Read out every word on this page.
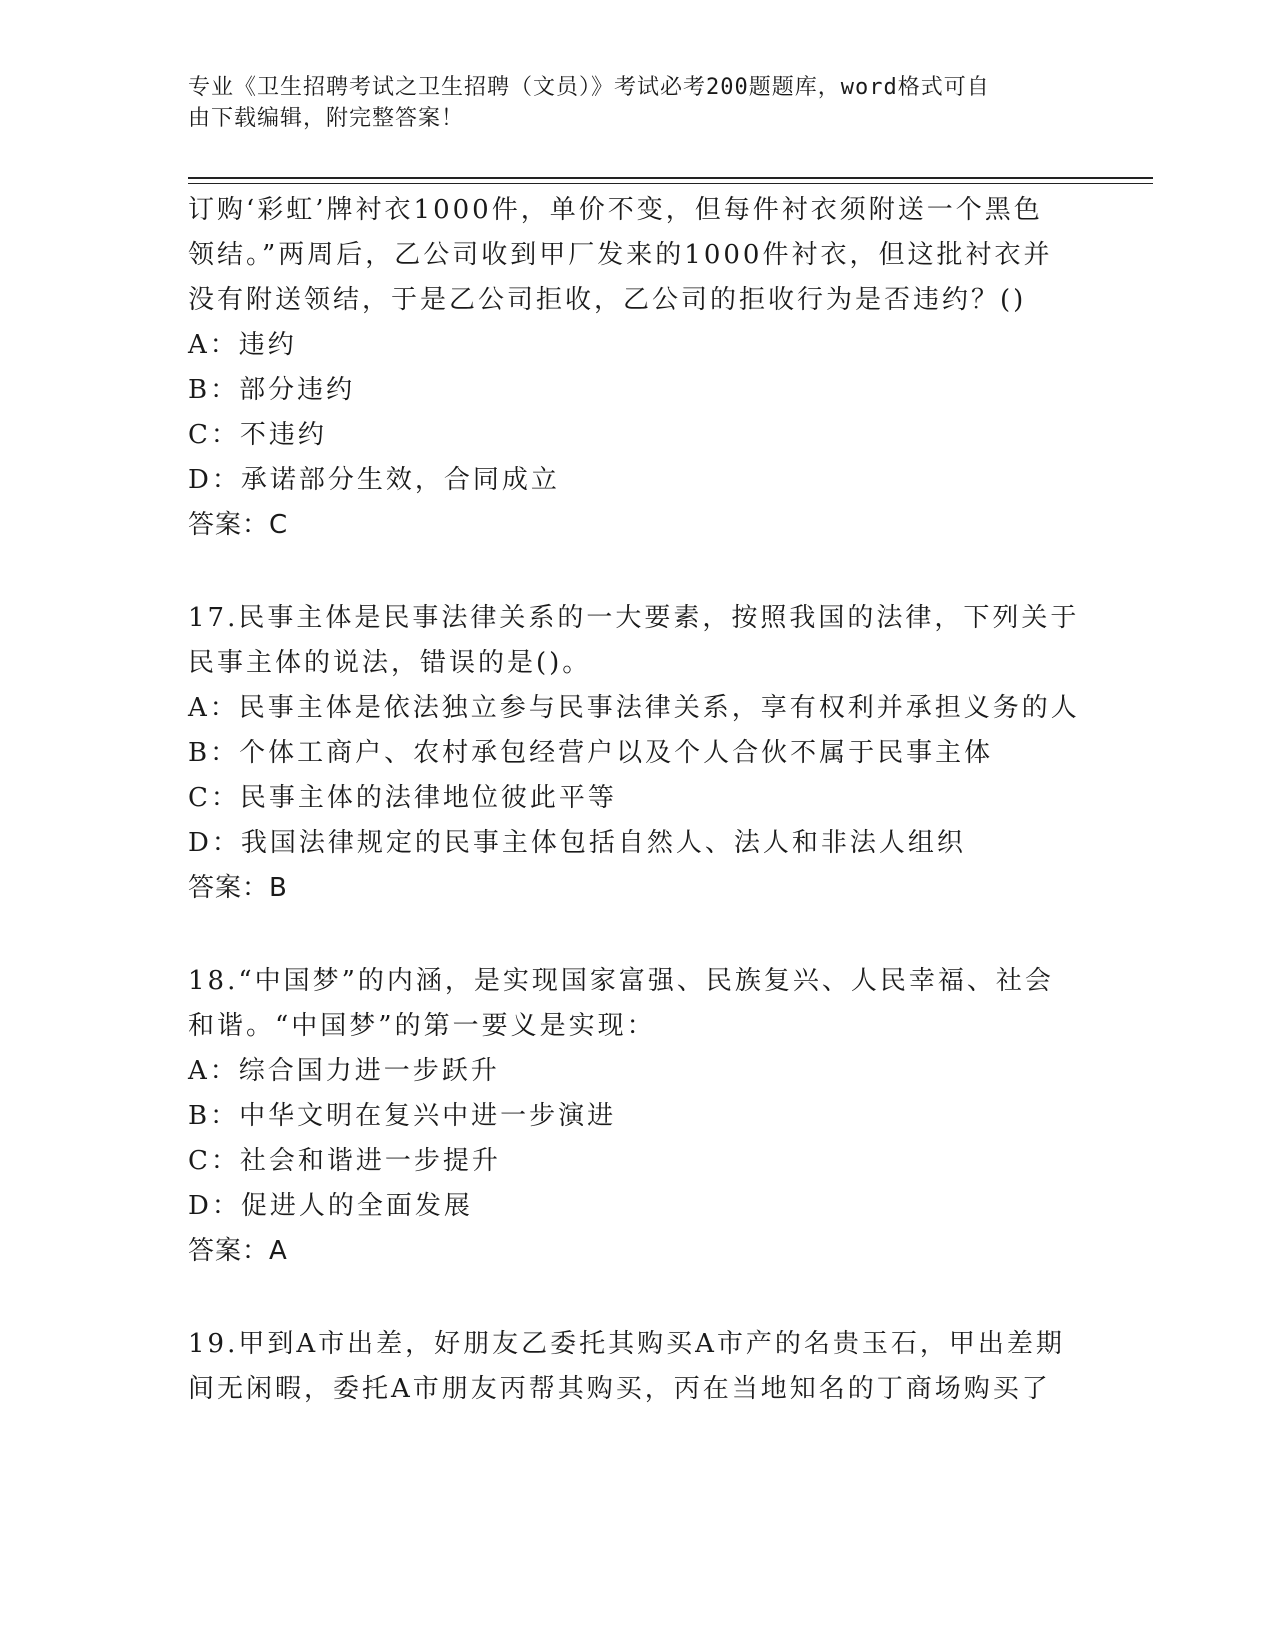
专业《卫生招聘考试之卫生招聘（文员）》考试必考200题题库，word格式可自
由下载编辑，附完整答案！
订购‘彩虹’牌衬衣1000件，单价不变，但每件衬衣须附送一个黑色
领结。”两周后，乙公司收到甲厂发来的1000件衬衣，但这批衬衣并
没有附送领结，于是乙公司拒收，乙公司的拒收行为是否违约？()
A：违约
B：部分违约
C：不违约
D：承诺部分生效，合同成立
答案：C
17.民事主体是民事法律关系的一大要素，按照我国的法律，下列关于
民事主体的说法，错误的是()。
A：民事主体是依法独立参与民事法律关系，享有权利并承担义务的人
B：个体工商户、农村承包经营户以及个人合伙不属于民事主体
C：民事主体的法律地位彼此平等
D：我国法律规定的民事主体包括自然人、法人和非法人组织
答案：B
18.“中国梦”的内涵，是实现国家富强、民族复兴、人民幸福、社会
和谐。“中国梦”的第一要义是实现：
A：综合国力进一步跃升
B：中华文明在复兴中进一步演进
C：社会和谐进一步提升
D：促进人的全面发展
答案：A
19.甲到A市出差，好朋友乙委托其购买A市产的名贵玉石，甲出差期
间无闲暇，委托A市朋友丙帮其购买，丙在当地知名的丁商场购买了
